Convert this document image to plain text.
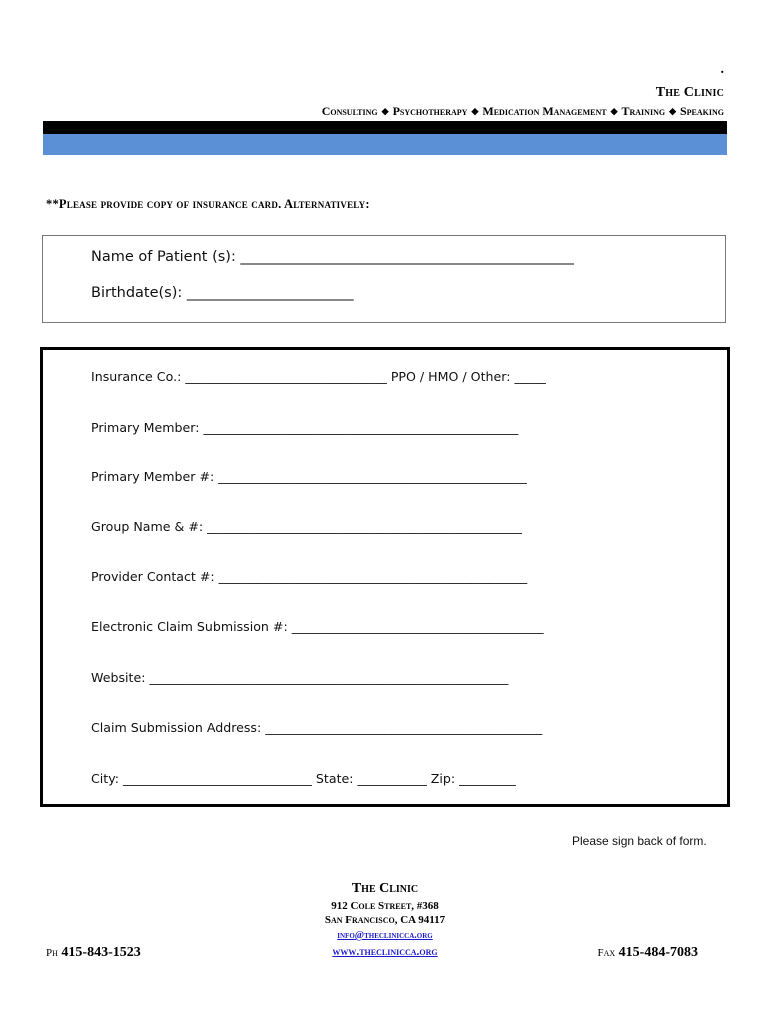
.
The Clinic
Consulting ◆ Psychotherapy ◆ Medication Management ◆ Training ◆ Speaking
**Please provide copy of insurance card. Alternatively:
Name of Patient (s): ______________________________________________
Birthdate(s): _______________________
Insurance Co.: ________________________________ PPO / HMO / Other: _____
Primary Member: __________________________________________________
Primary Member #: _________________________________________________
Group Name & #: __________________________________________________
Provider Contact #: _________________________________________________
Electronic Claim Submission #: ________________________________________
Website: _________________________________________________________
Claim Submission Address: ____________________________________________
City: ______________________________ State: ___________ Zip: _________
Please sign back of form.
The Clinic
912 Cole Street, #368
San Francisco, CA 94117
info@theclinicca.org
www.theclinicca.org
Ph 415-843-1523	Fax 415-484-7083
